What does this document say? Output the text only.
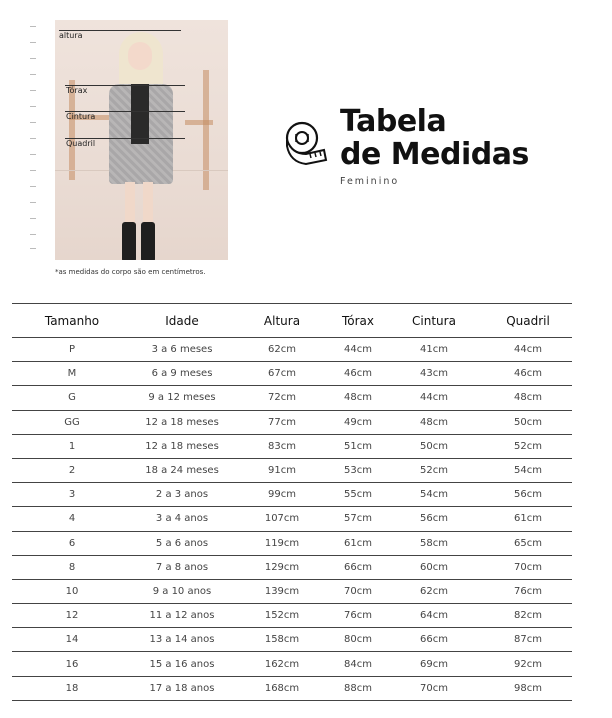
altura
Tórax
Cintura
Quadril
*as medidas do corpo são em centímetros.
Tabela
de Medidas
Feminino
Tamanho	Idade	Altura	Tórax	Cintura	Quadril
P	3 a 6 meses	62cm	44cm	41cm	44cm
M	6 a 9 meses	67cm	46cm	43cm	46cm
G	9 a 12 meses	72cm	48cm	44cm	48cm
GG	12 a 18 meses	77cm	49cm	48cm	50cm
1	12 a 18 meses	83cm	51cm	50cm	52cm
2	18 a 24 meses	91cm	53cm	52cm	54cm
3	2 a 3 anos	99cm	55cm	54cm	56cm
4	3 a 4 anos	107cm	57cm	56cm	61cm
6	5 a 6 anos	119cm	61cm	58cm	65cm
8	7 a 8 anos	129cm	66cm	60cm	70cm
10	9 a 10 anos	139cm	70cm	62cm	76cm
12	11 a 12 anos	152cm	76cm	64cm	82cm
14	13 a 14 anos	158cm	80cm	66cm	87cm
16	15 a 16 anos	162cm	84cm	69cm	92cm
18	17 a 18 anos	168cm	88cm	70cm	98cm
